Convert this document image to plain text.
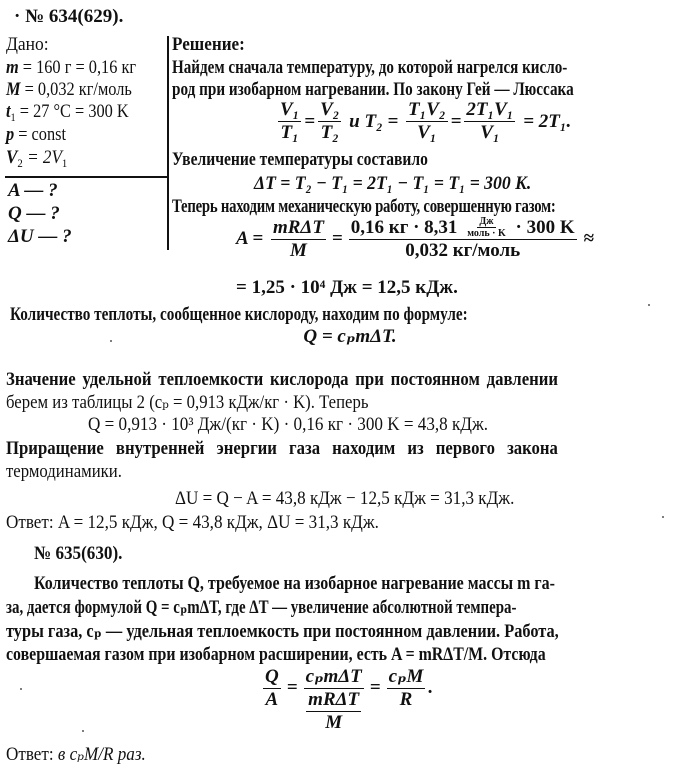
· № 634(629).
Дано:
m = 160 г = 0,16 кг
M = 0,032 кг/моль
$t_1 = 27$ °C = 300 K
p = const
$V_2 = 2V_1$
A — ?
Q — ?
ΔU — ?
Решение:
Найдем сначала температуру, до которой нагрелся кисло-
род при изобарном нагревании. По закону Гей — Люссака
$\frac{\text{V₁}}{\text{T₁}} = \frac{\text{V₂}}{\text{T₂}}$ и $T_2 = \frac{\text{T₁V₂}}{\text{V₁}} = \frac{\text{2T₁V₁}}{\text{V₁}} = 2T_1$.
Увеличение температуры составило
ΔT = T₂ − T₁ = 2T₁ − T₁ = T₁ = 300 K.
Теперь находим механическую работу, совершенную газом:
$A = \frac{\text{mRΔT}}{M} = \frac{0,16 кг \cdot 8,31 \frac{Дж}{\text{моль · K}} \cdot 300 K}{\text{0,032 кг/моль}}$ ≈
= 1,25 · 10⁴ Дж = 12,5 кДж.
Количество теплоты, сообщенное кислороду, находим по формуле:
Q = cₚmΔT.
Значение удельной теплоемкости кислорода при постоянном давлении
берем из таблицы 2 (cₚ = 0,913 кДж/кг · K). Теперь
Q = 0,913 · 10³ Дж/(кг · K) · 0,16 кг · 300 K = 43,8 кДж.
Приращение внутренней энергии газа находим из первого закона
термодинамики.
ΔU = Q − A = 43,8 кДж − 12,5 кДж = 31,3 кДж.
Ответ: A = 12,5 кДж, Q = 43,8 кДж, ΔU = 31,3 кДж.
№ 635(630).
Количество теплоты Q, требуемое на изобарное нагревание массы m га-
за, дается формулой Q = cₚmΔT, где ΔT — увеличение абсолютной темпера-
туры газа, cₚ — удельная теплоемкость при постоянном давлении. Работа,
совершаемая газом при изобарном расширении, есть A = mRΔT/M. Отсюда
$\frac{Q}{A}$ =
cₚmΔT
mRΔT
M
= $\frac{\text{cₚM}}{R}$ .
Ответ: в cₚM/R раз.
